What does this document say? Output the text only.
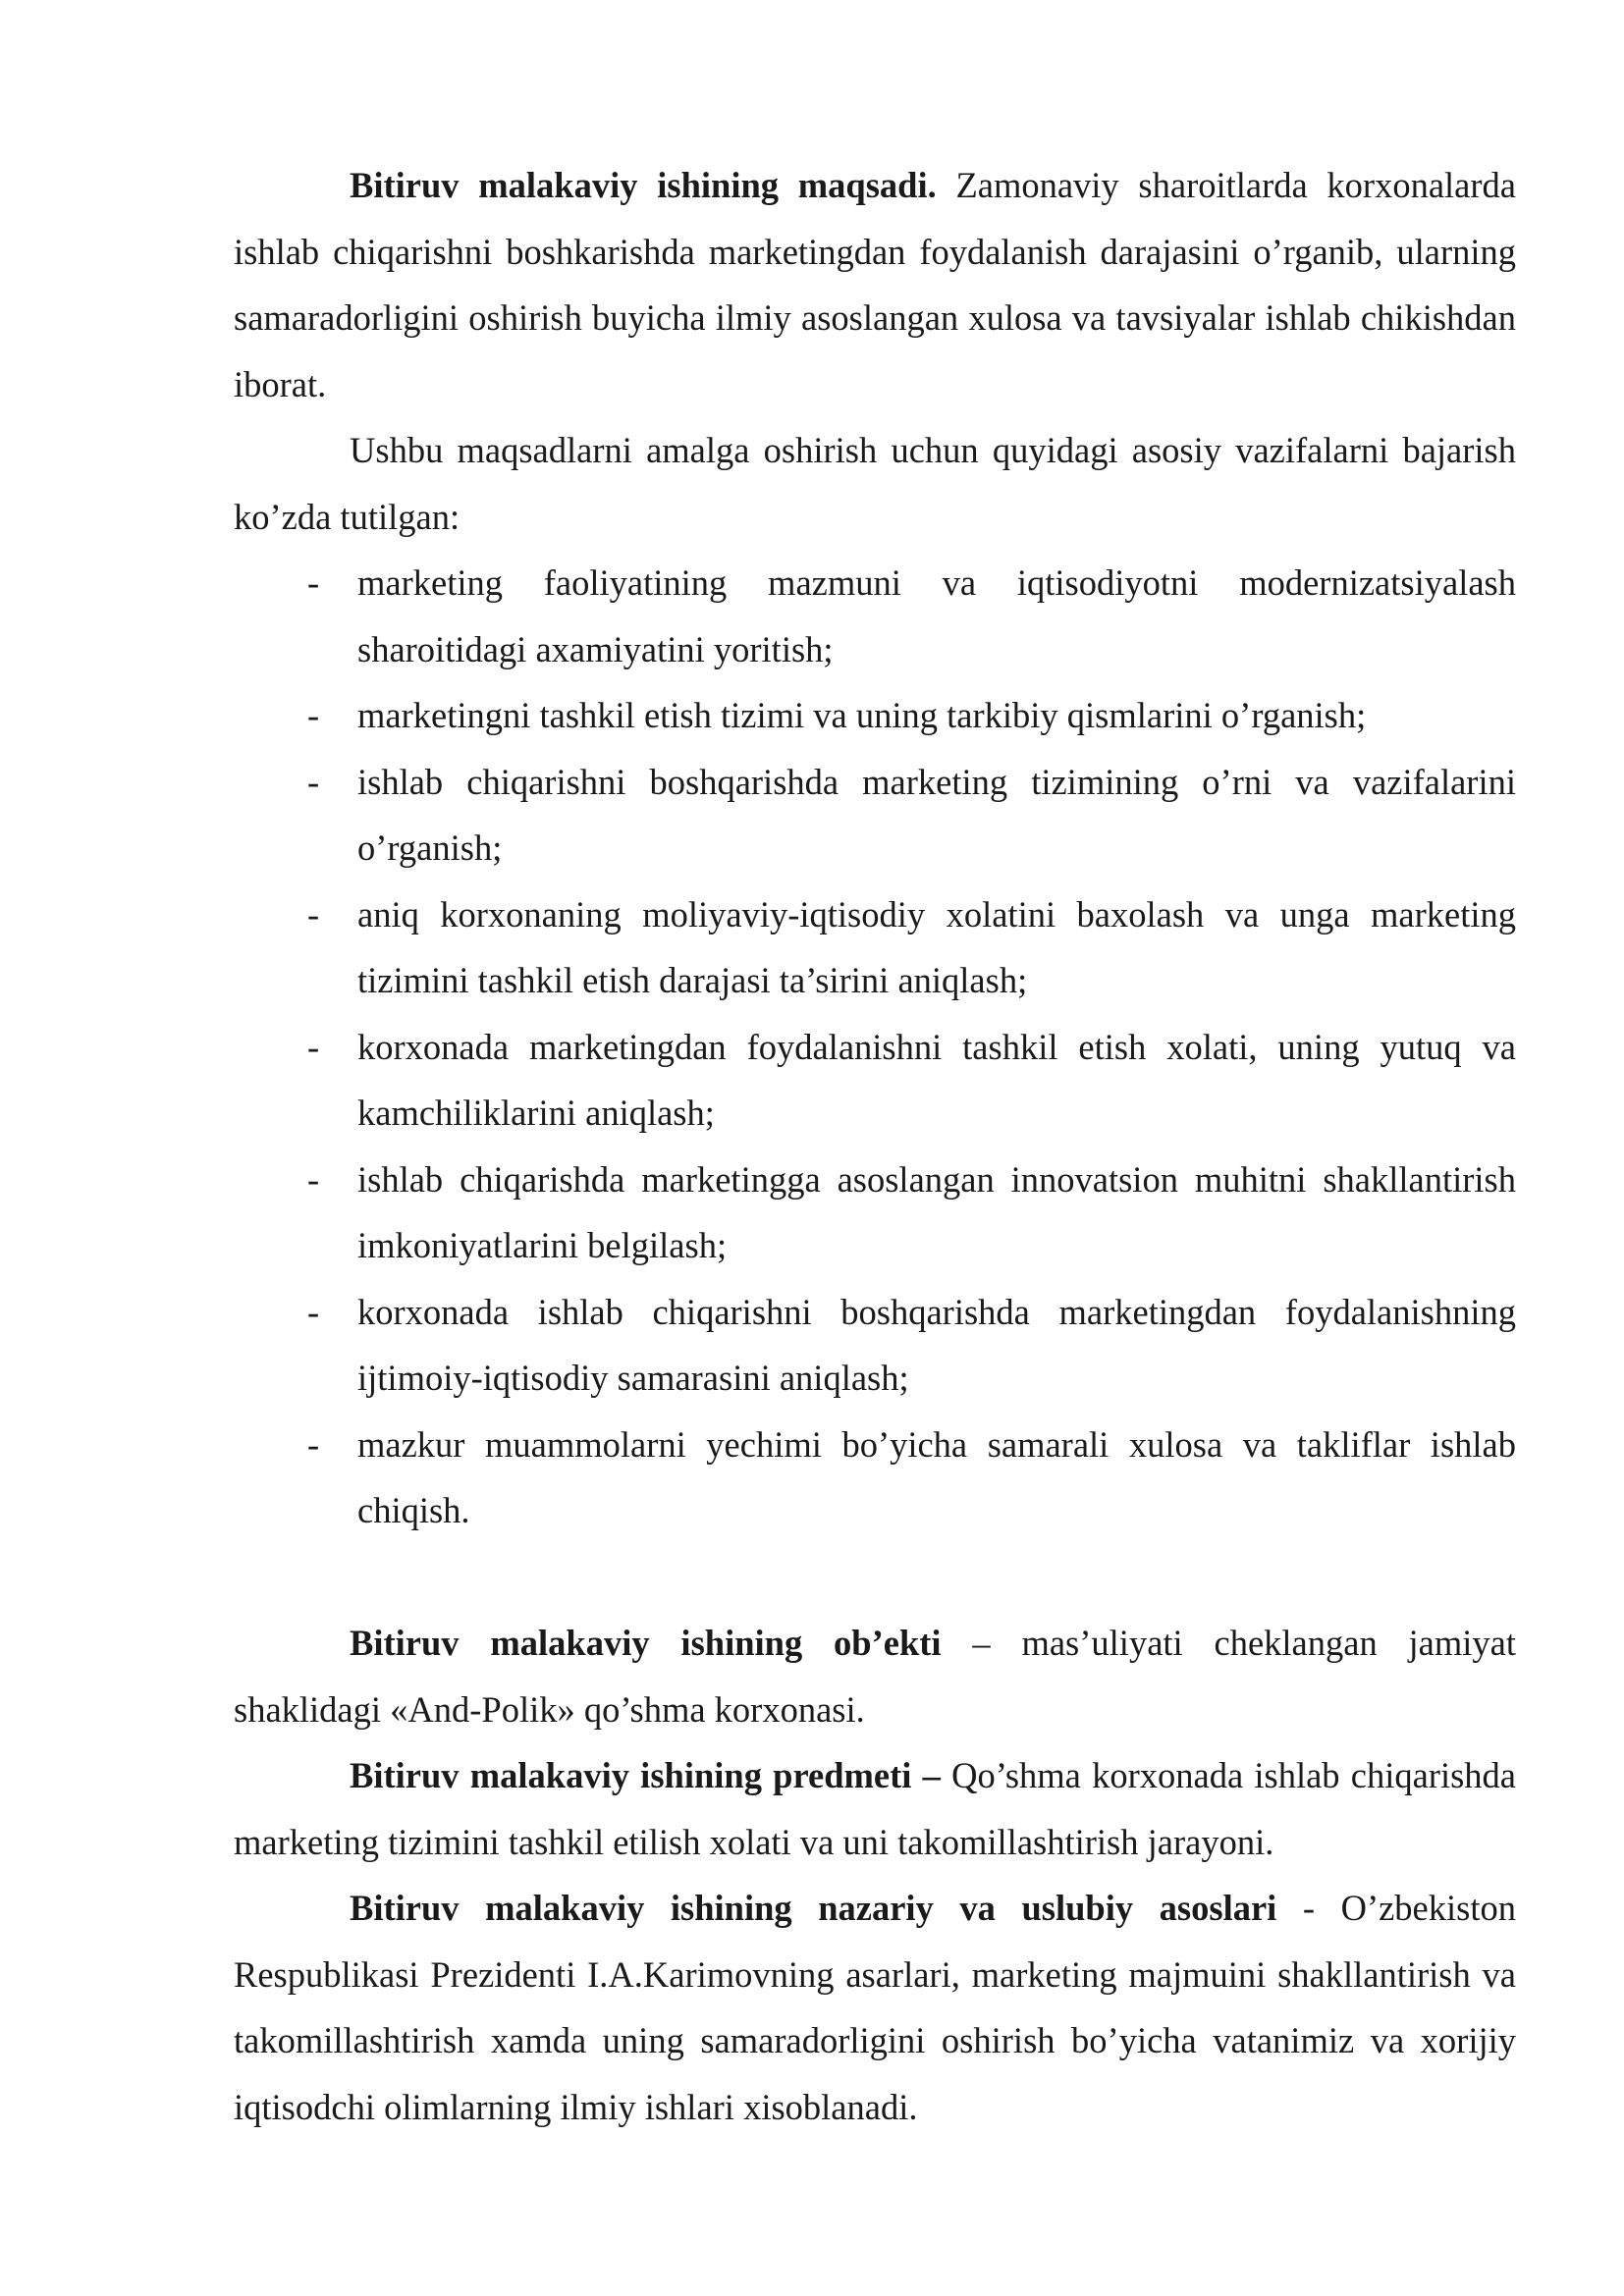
Bitiruv malakaviy ishining maqsadi. Zamonaviy sharoitlarda korxonalarda ishlab chiqarishni boshkarishda marketingdan foydalanish darajasini o’rganib, ularning samaradorligini oshirish buyicha ilmiy asoslangan xulosa va tavsiyalar ishlab chikishdan iborat.

Ushbu maqsadlarni amalga oshirish uchun quyidagi asosiy vazifalarni bajarish ko’zda tutilgan:

- marketing faoliyatining mazmuni va iqtisodiyotni modernizatsiyalash sharoitidagi axamiyatini yoritish;
- marketingni tashkil etish tizimi va uning tarkibiy qismlarini o’rganish;
- ishlab chiqarishni boshqarishda marketing tizimining o’rni va vazifalarini o’rganish;
- aniq korxonaning moliyaviy-iqtisodiy xolatini baxolash va unga marketing tizimini tashkil etish darajasi ta’sirini aniqlash;
- korxonada marketingdan foydalanishni tashkil etish xolati, uning yutuq va kamchiliklarini aniqlash;
- ishlab chiqarishda marketingga asoslangan innovatsion muhitni shakllantirish imkoniyatlarini belgilash;
- korxonada ishlab chiqarishni boshqarishda marketingdan foydalanishning ijtimoiy-iqtisodiy samarasini aniqlash;
- mazkur muammolarni yechimi bo’yicha samarali xulosa va takliflar ishlab chiqish.

Bitiruv malakaviy ishining ob’ekti – mas’uliyati cheklangan jamiyat shaklidagi «And-Polik» qo’shma korxonasi.

Bitiruv malakaviy ishining predmeti – Qo’shma korxonada ishlab chiqarishda marketing tizimini tashkil etilish xolati va uni takomillashtirish jarayoni.

Bitiruv malakaviy ishining nazariy va uslubiy asoslari - O’zbekiston Respublikasi Prezidenti I.A.Karimovning asarlari, marketing majmuini shakllantirish va takomillashtirish xamda uning samaradorligini oshirish bo’yicha vatanimiz va xorijiy iqtisodchi olimlarning ilmiy ishlari xisoblanadi.
